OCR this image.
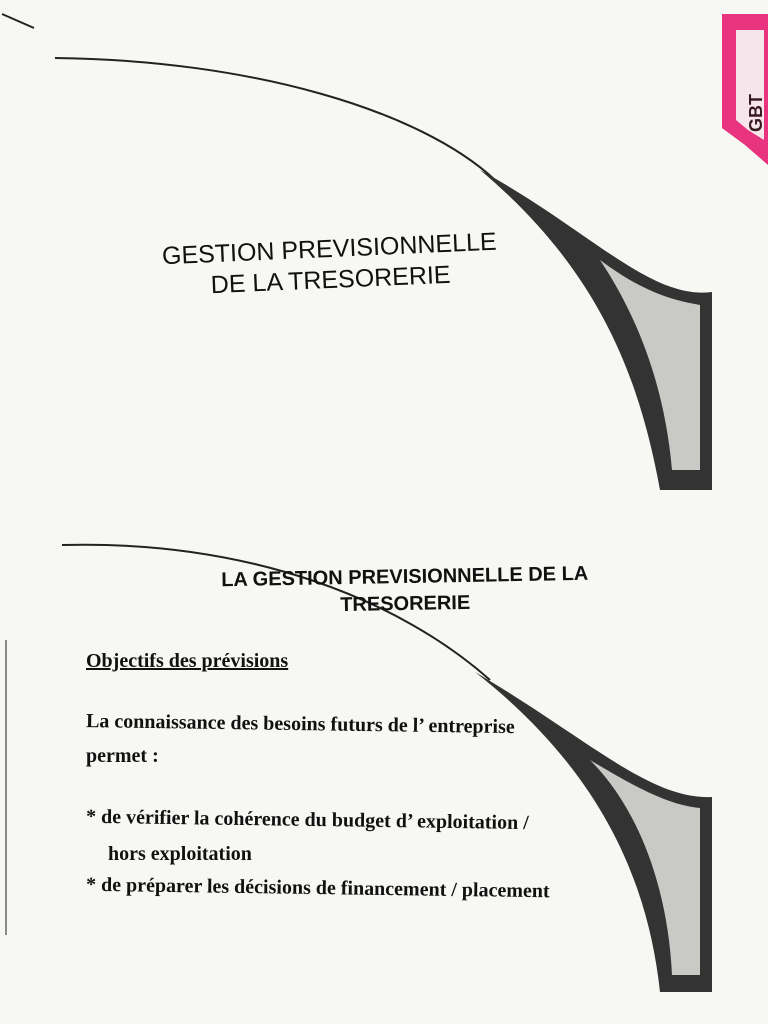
GBT
GESTION PREVISIONNELLE
DE LA TRESORERIE
LA GESTION PREVISIONNELLE DE LA
TRESORERIE
Objectifs des prévisions
La connaissance des besoins futurs de l’ entreprise
permet :
* de vérifier la cohérence du budget d’ exploitation /
hors exploitation
* de préparer les décisions de financement / placement
